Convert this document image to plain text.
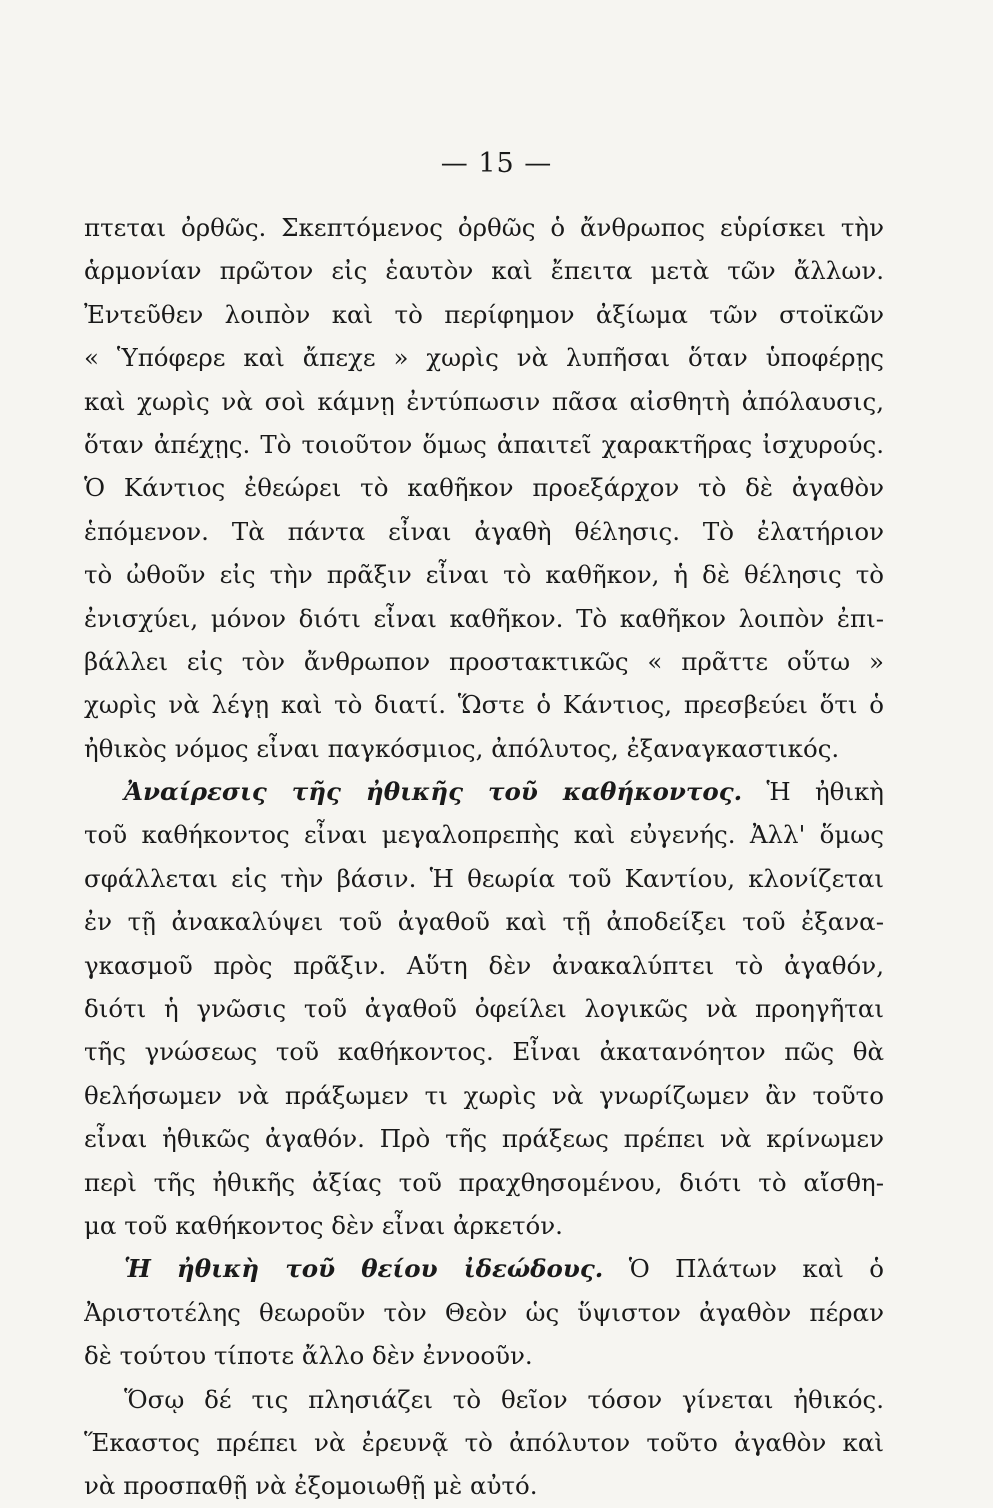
— 15 —
πτεται ὀρθῶς. Σκεπτόμενος ὀρθῶς ὁ ἄνθρωπος εὑρίσκει τὴν
ἁρμονίαν πρῶτον εἰς ἑαυτὸν καὶ ἔπειτα μετὰ τῶν ἄλλων.
Ἐντεῦθεν λοιπὸν καὶ τὸ περίφημον ἀξίωμα τῶν στοϊκῶν
« Ὑπόφερε καὶ ἄπεχε » χωρὶς νὰ λυπῆσαι ὅταν ὑποφέρῃς
καὶ χωρὶς νὰ σοὶ κάμνῃ ἐντύπωσιν πᾶσα αἰσθητὴ ἀπόλαυσις,
ὅταν ἀπέχῃς. Τὸ τοιοῦτον ὅμως ἀπαιτεῖ χαρακτῆρας ἰσχυρούς.
Ὁ Κάντιος ἐθεώρει τὸ καθῆκον προεξάρχον τὸ δὲ ἀγαθὸν
ἑπόμενον. Τὰ πάντα εἶναι ἀγαθὴ θέλησις. Τὸ ἐλατήριον
τὸ ὠθοῦν εἰς τὴν πρᾶξιν εἶναι τὸ καθῆκον, ἡ δὲ θέλησις τὸ
ἐνισχύει, μόνον διότι εἶναι καθῆκον. Τὸ καθῆκον λοιπὸν ἐπι-
βάλλει εἰς τὸν ἄνθρωπον προστακτικῶς « πρᾶττε οὕτω »
χωρὶς νὰ λέγῃ καὶ τὸ διατί. Ὥστε ὁ Κάντιος, πρεσβεύει ὅτι ὁ
ἠθικὸς νόμος εἶναι παγκόσμιος, ἀπόλυτος, ἐξαναγκαστικός.
Ἀναίρεσις τῆς ἠθικῆς τοῦ καθήκοντος. Ἡ ἠθικὴ
τοῦ καθήκοντος εἶναι μεγαλοπρεπὴς καὶ εὐγενής. Ἀλλ' ὅμως
σφάλλεται εἰς τὴν βάσιν. Ἡ θεωρία τοῦ Καντίου, κλονίζεται
ἐν τῇ ἀνακαλύψει τοῦ ἀγαθοῦ καὶ τῇ ἀποδείξει τοῦ ἐξανα-
γκασμοῦ πρὸς πρᾶξιν. Αὕτη δὲν ἀνακαλύπτει τὸ ἀγαθόν,
διότι ἡ γνῶσις τοῦ ἀγαθοῦ ὀφείλει λογικῶς νὰ προηγῆται
τῆς γνώσεως τοῦ καθήκοντος. Εἶναι ἀκατανόητον πῶς θὰ
θελήσωμεν νὰ πράξωμεν τι χωρὶς νὰ γνωρίζωμεν ἂν τοῦτο
εἶναι ἠθικῶς ἀγαθόν. Πρὸ τῆς πράξεως πρέπει νὰ κρίνωμεν
περὶ τῆς ἠθικῆς ἀξίας τοῦ πραχθησομένου, διότι τὸ αἴσθη-
μα τοῦ καθήκοντος δὲν εἶναι ἀρκετόν.
Ἡ ἠθικὴ τοῦ θείου ἰδεώδους. Ὁ Πλάτων καὶ ὁ
Ἀριστοτέλης θεωροῦν τὸν Θεὸν ὡς ὕψιστον ἀγαθὸν πέραν
δὲ τούτου τίποτε ἄλλο δὲν ἐννοοῦν.
Ὅσῳ δέ τις πλησιάζει τὸ θεῖον τόσον γίνεται ἠθικός.
Ἕκαστος πρέπει νὰ ἐρευνᾷ τὸ ἀπόλυτον τοῦτο ἀγαθὸν καὶ
νὰ προσπαθῇ νὰ ἐξομοιωθῇ μὲ αὐτό.
